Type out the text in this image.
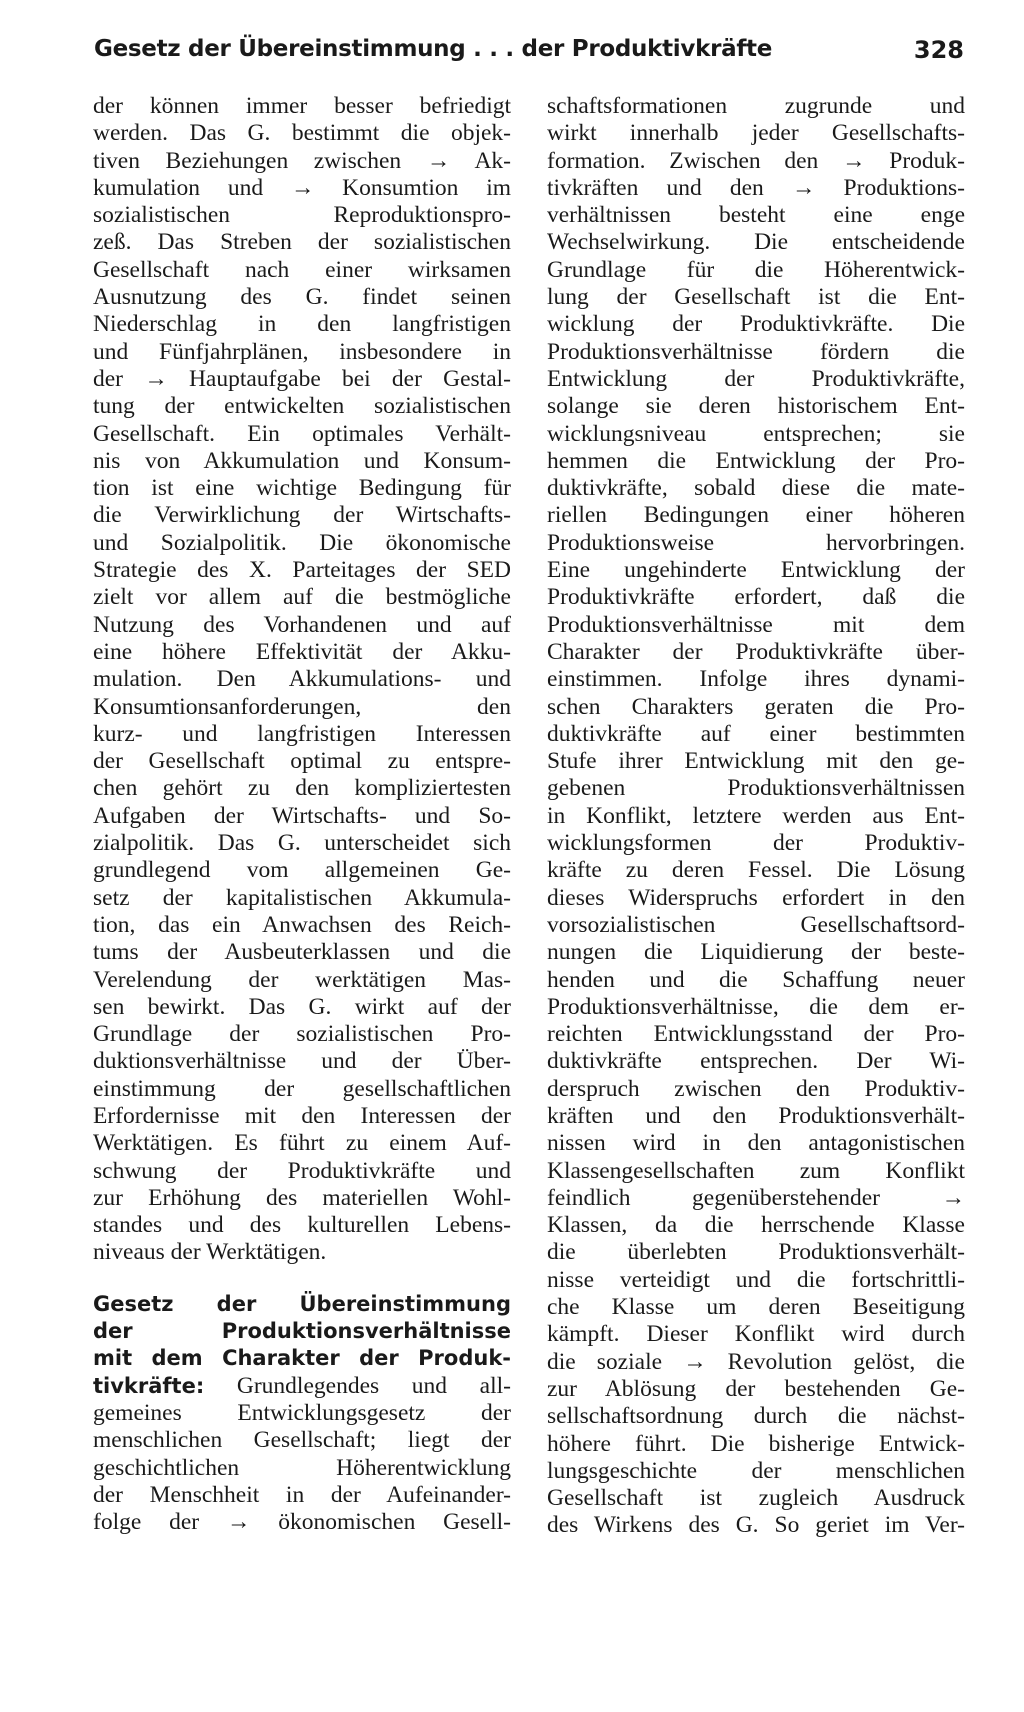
Gesetz der Übereinstimmung . . . der Produktivkräfte	328
der können immer besser befriedigt
werden. Das G. bestimmt die objek-
tiven Beziehungen zwischen → Ak-
kumulation und → Konsumtion im
sozialistischen Reproduktionspro-
zeß. Das Streben der sozialistischen
Gesellschaft nach einer wirksamen
Ausnutzung des G. findet seinen
Niederschlag in den langfristigen
und Fünfjahrplänen, insbesondere in
der → Hauptaufgabe bei der Gestal-
tung der entwickelten sozialistischen
Gesellschaft. Ein optimales Verhält-
nis von Akkumulation und Konsum-
tion ist eine wichtige Bedingung für
die Verwirklichung der Wirtschafts-
und Sozialpolitik. Die ökonomische
Strategie des X. Parteitages der SED
zielt vor allem auf die bestmögliche
Nutzung des Vorhandenen und auf
eine höhere Effektivität der Akku-
mulation. Den Akkumulations- und
Konsumtionsanforderungen, den
kurz- und langfristigen Interessen
der Gesellschaft optimal zu entspre-
chen gehört zu den kompliziertesten
Aufgaben der Wirtschafts- und So-
zialpolitik. Das G. unterscheidet sich
grundlegend vom allgemeinen Ge-
setz der kapitalistischen Akkumula-
tion, das ein Anwachsen des Reich-
tums der Ausbeuterklassen und die
Verelendung der werktätigen Mas-
sen bewirkt. Das G. wirkt auf der
Grundlage der sozialistischen Pro-
duktionsverhältnisse und der Über-
einstimmung der gesellschaftlichen
Erfordernisse mit den Interessen der
Werktätigen. Es führt zu einem Auf-
schwung der Produktivkräfte und
zur Erhöhung des materiellen Wohl-
standes und des kulturellen Lebens-
niveaus der Werktätigen.
Gesetz der Übereinstimmung
der Produktionsverhältnisse
mit dem Charakter der Produk-
tivkräfte: Grundlegendes und all-
gemeines Entwicklungsgesetz der
menschlichen Gesellschaft; liegt der
geschichtlichen Höherentwicklung
der Menschheit in der Aufeinander-
folge der → ökonomischen Gesell-
schaftsformationen zugrunde und
wirkt innerhalb jeder Gesellschafts-
formation. Zwischen den → Produk-
tivkräften und den → Produktions-
verhältnissen besteht eine enge
Wechselwirkung. Die entscheidende
Grundlage für die Höherentwick-
lung der Gesellschaft ist die Ent-
wicklung der Produktivkräfte. Die
Produktionsverhältnisse fördern die
Entwicklung der Produktivkräfte,
solange sie deren historischem Ent-
wicklungsniveau entsprechen; sie
hemmen die Entwicklung der Pro-
duktivkräfte, sobald diese die mate-
riellen Bedingungen einer höheren
Produktionsweise hervorbringen.
Eine ungehinderte Entwicklung der
Produktivkräfte erfordert, daß die
Produktionsverhältnisse mit dem
Charakter der Produktivkräfte über-
einstimmen. Infolge ihres dynami-
schen Charakters geraten die Pro-
duktivkräfte auf einer bestimmten
Stufe ihrer Entwicklung mit den ge-
gebenen Produktionsverhältnissen
in Konflikt, letztere werden aus Ent-
wicklungsformen der Produktiv-
kräfte zu deren Fessel. Die Lösung
dieses Widerspruchs erfordert in den
vorsozialistischen Gesellschaftsord-
nungen die Liquidierung der beste-
henden und die Schaffung neuer
Produktionsverhältnisse, die dem er-
reichten Entwicklungsstand der Pro-
duktivkräfte entsprechen. Der Wi-
derspruch zwischen den Produktiv-
kräften und den Produktionsverhält-
nissen wird in den antagonistischen
Klassengesellschaften zum Konflikt
feindlich gegenüberstehender →
Klassen, da die herrschende Klasse
die überlebten Produktionsverhält-
nisse verteidigt und die fortschrittli-
che Klasse um deren Beseitigung
kämpft. Dieser Konflikt wird durch
die soziale → Revolution gelöst, die
zur Ablösung der bestehenden Ge-
sellschaftsordnung durch die nächst-
höhere führt. Die bisherige Entwick-
lungsgeschichte der menschlichen
Gesellschaft ist zugleich Ausdruck
des Wirkens des G. So geriet im Ver-
